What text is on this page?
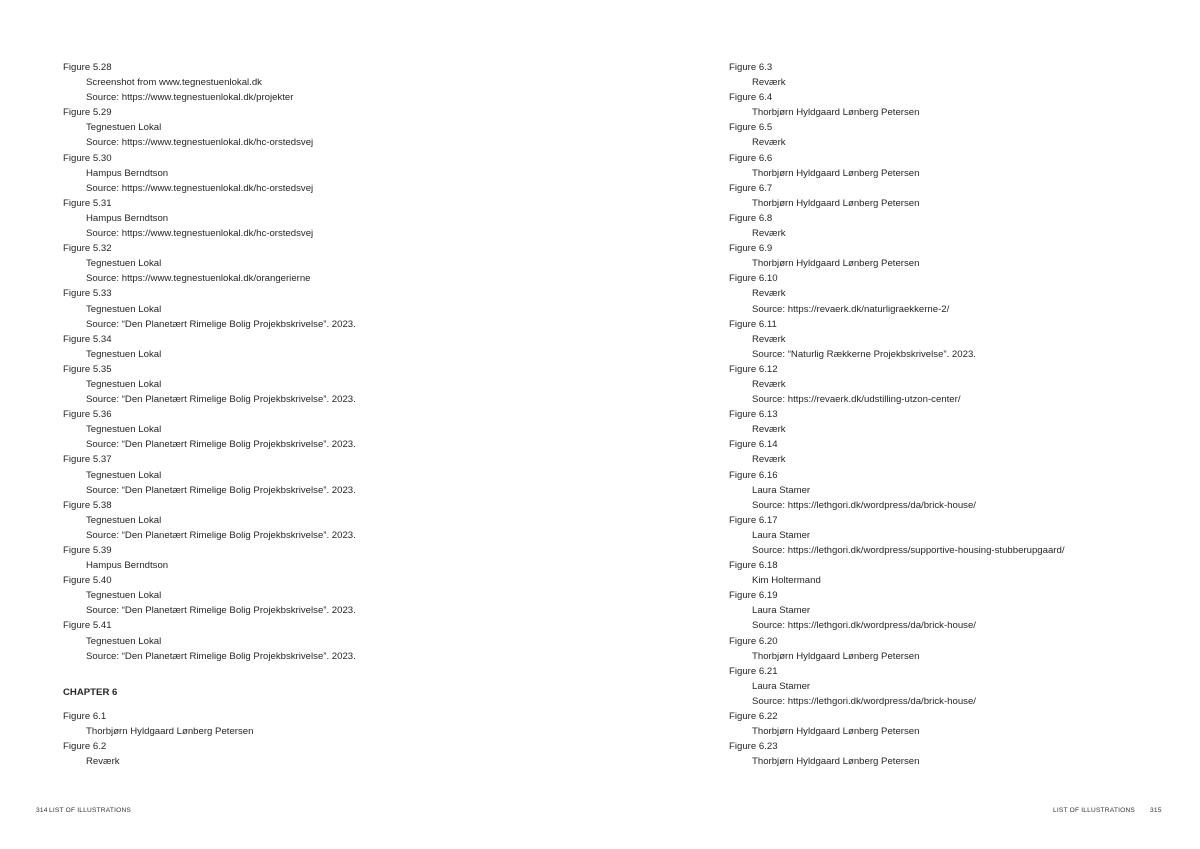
Figure 5.28
Screenshot from www.tegnestuenlokal.dk
Source: https://www.tegnestuenlokal.dk/projekter
Figure 5.29
Tegnestuen Lokal
Source: https://www.tegnestuenlokal.dk/hc-orstedsvej
Figure 5.30
Hampus Berndtson
Source: https://www.tegnestuenlokal.dk/hc-orstedsvej
Figure 5.31
Hampus Berndtson
Source: https://www.tegnestuenlokal.dk/hc-orstedsvej
Figure 5.32
Tegnestuen Lokal
Source: https://www.tegnestuenlokal.dk/orangerierne
Figure 5.33
Tegnestuen Lokal
Source: “Den Planetært Rimelige Bolig Projekbskrivelse”. 2023.
Figure 5.34
Tegnestuen Lokal
Figure 5.35
Tegnestuen Lokal
Source: “Den Planetært Rimelige Bolig Projekbskrivelse”. 2023.
Figure 5.36
Tegnestuen Lokal
Source: “Den Planetært Rimelige Bolig Projekbskrivelse”. 2023.
Figure 5.37
Tegnestuen Lokal
Source: “Den Planetært Rimelige Bolig Projekbskrivelse”. 2023.
Figure 5.38
Tegnestuen Lokal
Source: “Den Planetært Rimelige Bolig Projekbskrivelse”. 2023.
Figure 5.39
Hampus Berndtson
Figure 5.40
Tegnestuen Lokal
Source: “Den Planetært Rimelige Bolig Projekbskrivelse”. 2023.
Figure 5.41
Tegnestuen Lokal
Source: “Den Planetært Rimelige Bolig Projekbskrivelse”. 2023.
CHAPTER 6
Figure 6.1
Thorbjørn Hyldgaard Lønberg Petersen
Figure 6.2
Reværk
314 LIST OF ILLUSTRATIONS
Figure 6.3
Reværk
Figure 6.4
Thorbjørn Hyldgaard Lønberg Petersen
Figure 6.5
Reværk
Figure 6.6
Thorbjørn Hyldgaard Lønberg Petersen
Figure 6.7
Thorbjørn Hyldgaard Lønberg Petersen
Figure 6.8
Reværk
Figure 6.9
Thorbjørn Hyldgaard Lønberg Petersen
Figure 6.10
Reværk
Source: https://revaerk.dk/naturligraekkerne-2/
Figure 6.11
Reværk
Source: “Naturlig Rækkerne Projekbskrivelse”. 2023.
Figure 6.12
Reværk
Source: https://revaerk.dk/udstilling-utzon-center/
Figure 6.13
Reværk
Figure 6.14
Reværk
Figure 6.16
Laura Stamer
Source: https://lethgori.dk/wordpress/da/brick-house/
Figure 6.17
Laura Stamer
Source: https://lethgori.dk/wordpress/supportive-housing-stubberupgaard/
Figure 6.18
Kim Holtermand
Figure 6.19
Laura Stamer
Source: https://lethgori.dk/wordpress/da/brick-house/
Figure 6.20
Thorbjørn Hyldgaard Lønberg Petersen
Figure 6.21
Laura Stamer
Source: https://lethgori.dk/wordpress/da/brick-house/
Figure 6.22
Thorbjørn Hyldgaard Lønberg Petersen
Figure 6.23
Thorbjørn Hyldgaard Lønberg Petersen
LIST OF ILLUSTRATIONS 315
